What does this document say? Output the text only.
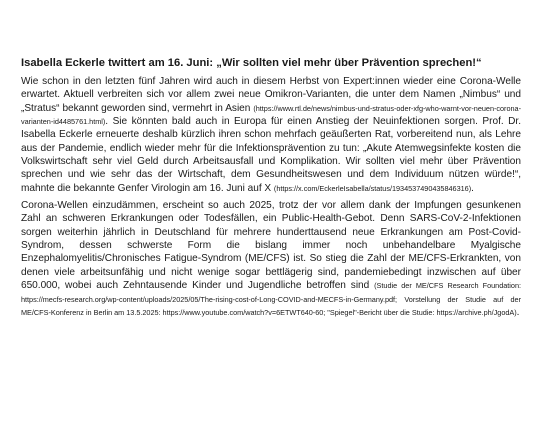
Isabella Eckerle twittert am 16. Juni: „Wir sollten viel mehr über Prävention sprechen!“

Wie schon in den letzten fünf Jahren wird auch in diesem Herbst von Expert:innen wieder eine Corona-Welle erwartet. Aktuell verbreiten sich vor allem zwei neue Omikron-Varianten, die unter dem Namen „Nimbus“ und „Stratus“ bekannt geworden sind, vermehrt in Asien (https://www.rtl.de/news/nimbus-und-stratus-oder-xfg-who-warnt-vor-neuen-corona-varianten-id4485761.html). Sie könnten bald auch in Europa für einen Anstieg der Neuinfektionen sorgen. Prof. Dr. Isabella Eckerle erneuerte deshalb kürzlich ihren schon mehrfach geäußerten Rat, vorbereitend nun, als Lehre aus der Pandemie, endlich wieder mehr für die Infektionsprävention zu tun: „Akute Atemwegsinfekte kosten die Volkswirtschaft sehr viel Geld durch Arbeitsausfall und Komplikation. Wir sollten viel mehr über Prävention sprechen und wie sehr das der Wirtschaft, dem Gesundheitswesen und dem Individuum nützen würde!“, mahnte die bekannte Genfer Virologin am 16. Juni auf X (https://x.com/EckerleIsabella/status/1934537490435846316).

Corona-Wellen einzudämmen, erscheint so auch 2025, trotz der vor allem dank der Impfungen gesunkenen Zahl an schweren Erkrankungen oder Todesfällen, ein Public-Health-Gebot. Denn SARS-CoV-2-Infektionen sorgen weiterhin jährlich in Deutschland für mehrere hunderttausend neue Erkrankungen am Post-Covid-Syndrom, dessen schwerste Form die bislang immer noch unbehandelbare Myalgische Enzephalomyelitis/Chronisches Fatigue-Syndrom (ME/CFS) ist. So stieg die Zahl der ME/CFS-Erkrankten, von denen viele arbeitsunfähig und nicht wenige sogar bettlägerig sind, pandemiebedingt inzwischen auf über 650.000, wobei auch Zehntausende Kinder und Jugendliche betroffen sind (Studie der ME/CFS Research Foundation: https://mecfs-research.org/wp-content/uploads/2025/05/The-rising-cost-of-Long-COVID-and-MECFS-in-Germany.pdf; Vorstellung der Studie auf der ME/CFS-Konferenz in Berlin am 13.5.2025: https://www.youtube.com/watch?v=6ETWT640-60; "Spiegel"-Bericht über die Studie: https://archive.ph/JgodA).
